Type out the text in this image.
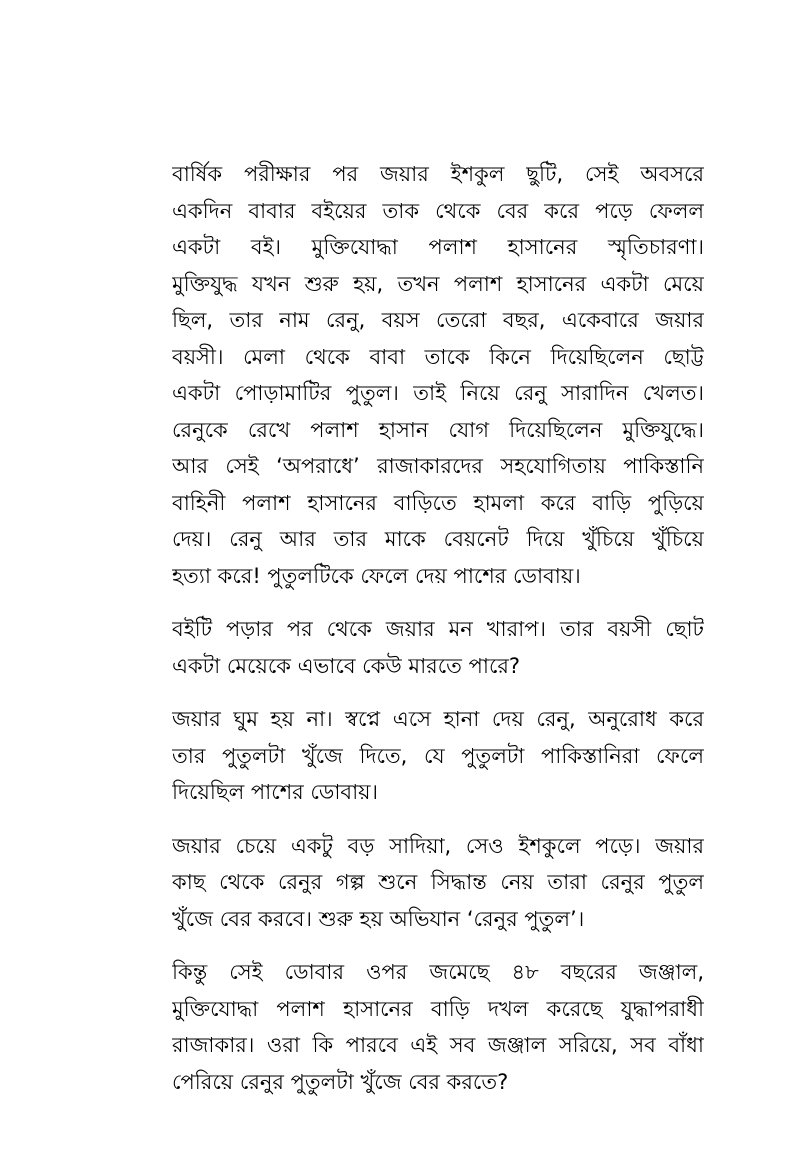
বার্ষিক পরীক্ষার পর জয়ার ইশকুল ছুটি, সেই অবসরে
একদিন বাবার বইয়ের তাক থেকে বের করে পড়ে ফেলল
একটা বই। মুক্তিযোদ্ধা পলাশ হাসানের স্মৃতিচারণা।
মুক্তিযুদ্ধ যখন শুরু হয়, তখন পলাশ হাসানের একটা মেয়ে
ছিল, তার নাম রেনু, বয়স তেরো বছর, একেবারে জয়ার
বয়সী। মেলা থেকে বাবা তাকে কিনে দিয়েছিলেন ছোট্ট
একটা পোড়ামাটির পুতুল। তাই নিয়ে রেনু সারাদিন খেলত।
রেনুকে রেখে পলাশ হাসান যোগ দিয়েছিলেন মুক্তিযুদ্ধে।
আর সেই ‘অপরাধে’ রাজাকারদের সহযোগিতায় পাকিস্তানি
বাহিনী পলাশ হাসানের বাড়িতে হামলা করে বাড়ি পুড়িয়ে
দেয়। রেনু আর তার মাকে বেয়নেট দিয়ে খুঁচিয়ে খুঁচিয়ে
হত্যা করে! পুতুলটিকে ফেলে দেয় পাশের ডোবায়।
বইটি পড়ার পর থেকে জয়ার মন খারাপ। তার বয়সী ছোট
একটা মেয়েকে এভাবে কেউ মারতে পারে?
জয়ার ঘুম হয় না। স্বপ্নে এসে হানা দেয় রেনু, অনুরোধ করে
তার পুতুলটা খুঁজে দিতে, যে পুতুলটা পাকিস্তানিরা ফেলে
দিয়েছিল পাশের ডোবায়।
জয়ার চেয়ে একটু বড় সাদিয়া, সেও ইশকুলে পড়ে। জয়ার
কাছ থেকে রেনুর গল্প শুনে সিদ্ধান্ত নেয় তারা রেনুর পুতুল
খুঁজে বের করবে। শুরু হয় অভিযান ‘রেনুর পুতুল’।
কিন্তু সেই ডোবার ওপর জমেছে ৪৮ বছরের জঞ্জাল,
মুক্তিযোদ্ধা পলাশ হাসানের বাড়ি দখল করেছে যুদ্ধাপরাধী
রাজাকার। ওরা কি পারবে এই সব জঞ্জাল সরিয়ে, সব বাঁধা
পেরিয়ে রেনুর পুতুলটা খুঁজে বের করতে?
